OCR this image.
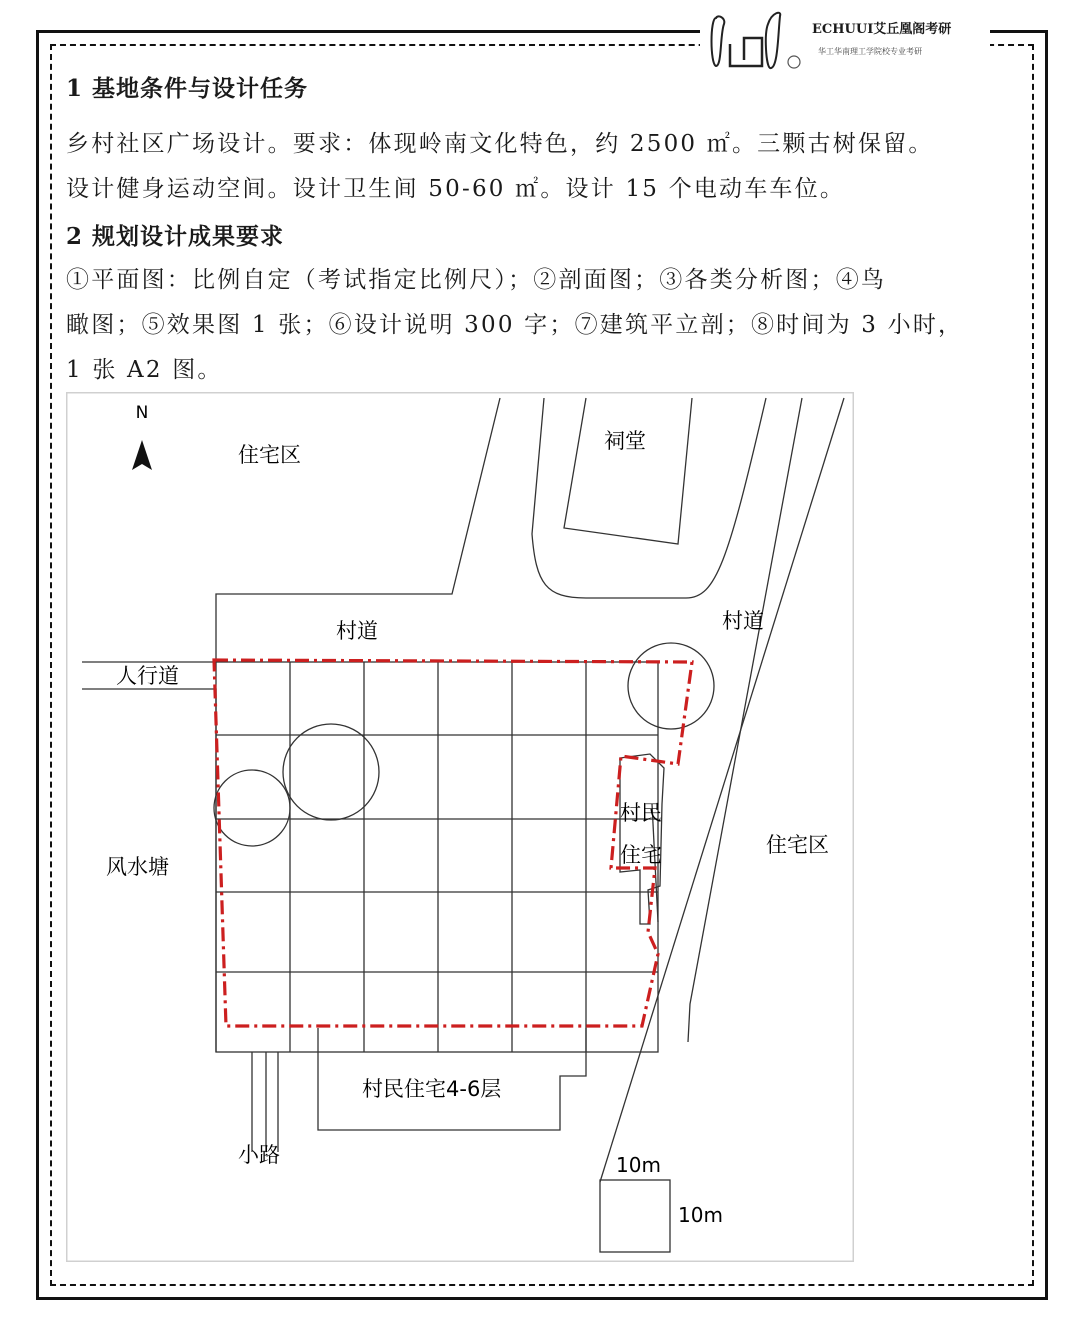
ECHUUI艾丘凰阁考研
华工华南理工学院校专业考研
1 基地条件与设计任务

乡村社区广场设计。要求：体现岭南文化特色，约 2500 ㎡。三颗古树保留。

设计健身运动空间。设计卫生间 50-60 ㎡。设计 15 个电动车车位。

2 规划设计成果要求

①平面图：比例自定（考试指定比例尺）；②剖面图；③各类分析图；④鸟

瞰图；⑤效果图 1 张；⑥设计说明 300 字；⑦建筑平立剖；⑧时间为 3 小时，

1 张 A2 图。

N
住宅区
祠堂
村道	村道
人行道
风水塘
村民
住宅	住宅区
村民住宅4-6层
小路	10m
10m
